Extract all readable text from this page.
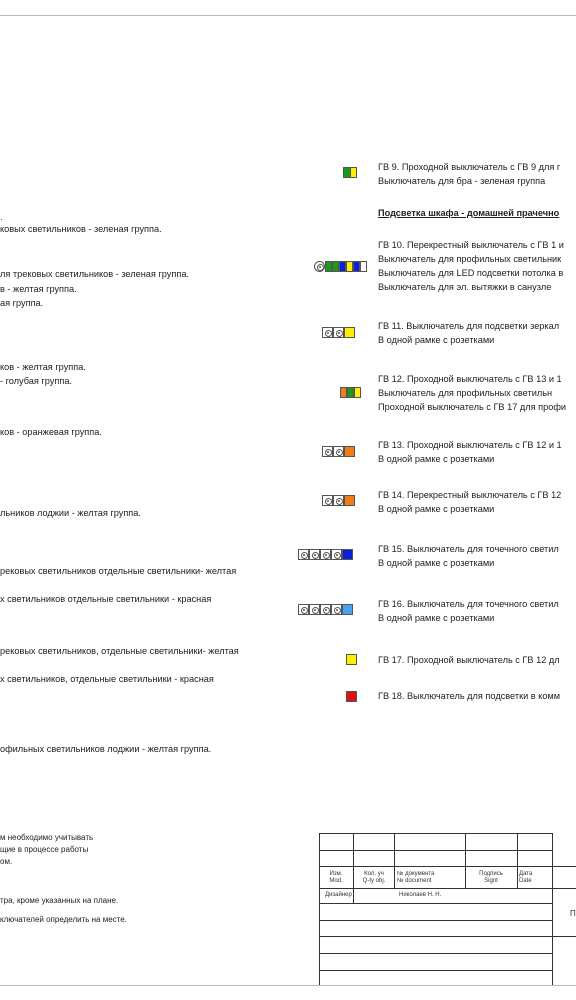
.
ковых светильников - зеленая группа.
ля трековых светильников - зеленая группа.
в - желтая группа.
ая группа.
ков - желтая группа.
- голубая группа.
ков - оранжевая группа.
льников лоджии - желтая группа.
рековых светильников отдельные светильники- желтая
х светильников отдельные светильники - красная
рековых светильников, отдельные светильники- желтая
х светильников, отдельные светильники - красная
офильных светильников лоджии - желтая группа.
м необходимо учитывать
щие в процессе работы
ом.
тра, кроме указанных на плане.
ключателей определить на месте.
ГВ 9. Проходной выключатель с ГВ 9 для г
Выключатель для бра - зеленая группа
Подсветка шкафа - домашней прачечно
ГВ 10. Перекрестный выключатель с ГВ 1 и
Выключатель для профильных светильник
Выключатель для LED подсветки потолка в
Выключатель для эл. вытяжки в санузле
ГВ 11. Выключатель для подсветки зеркал
В одной рамке с розетками
ГВ 12. Проходной выключатель с ГВ 13 и 1
Выключатель для профильных светильн
Проходной выключатель с ГВ 17 для профи
ГВ 13. Проходной выключатель с ГВ 12 и 1
В одной рамке с розетками
ГВ 14. Перекрестный выключатель с ГВ 12
В одной рамке с розетками
ГВ 15. Выключатель для точечного светил
В одной рамке с розетками
ГВ 16. Выключатель для точечного светил
В одной рамке с розетками
ГВ 17. Проходной выключатель с ГВ 12 дл
ГВ 18. Выключатель для подсветки в комм
Изм.
Mod.
Кол. уч
Q-ty obj.
№ документа
№ document
Подпись
Signt
Дата
Date
Дизайнер	Николаев Н. Н.
П
